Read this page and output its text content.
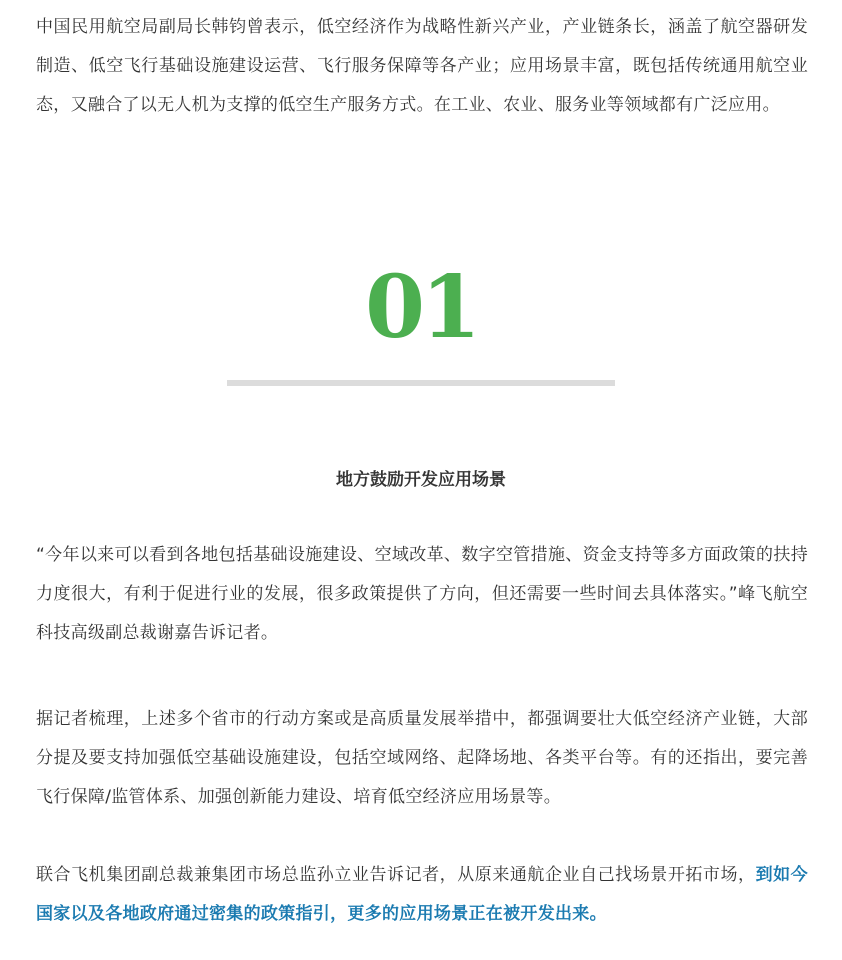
中国民用航空局副局长韩钧曾表示，低空经济作为战略性新兴产业，产业链条长，涵盖了航空器研发制造、低空飞行基础设施建设运营、飞行服务保障等各产业；应用场景丰富，既包括传统通用航空业态，又融合了以无人机为支撑的低空生产服务方式。在工业、农业、服务业等领域都有广泛应用。

01
地方鼓励开发应用场景

“今年以来可以看到各地包括基础设施建设、空域改革、数字空管措施、资金支持等多方面政策的扶持力度很大，有利于促进行业的发展，很多政策提供了方向，但还需要一些时间去具体落实。”峰飞航空科技高级副总裁谢嘉告诉记者。

据记者梳理，上述多个省市的行动方案或是高质量发展举措中，都强调要壮大低空经济产业链，大部分提及要支持加强低空基础设施建设，包括空域网络、起降场地、各类平台等。有的还指出，要完善飞行保障/监管体系、加强创新能力建设、培育低空经济应用场景等。

联合飞机集团副总裁兼集团市场总监孙立业告诉记者，从原来通航企业自己找场景开拓市场，到如今国家以及各地政府通过密集的政策指引，更多的应用场景正在被开发出来。
